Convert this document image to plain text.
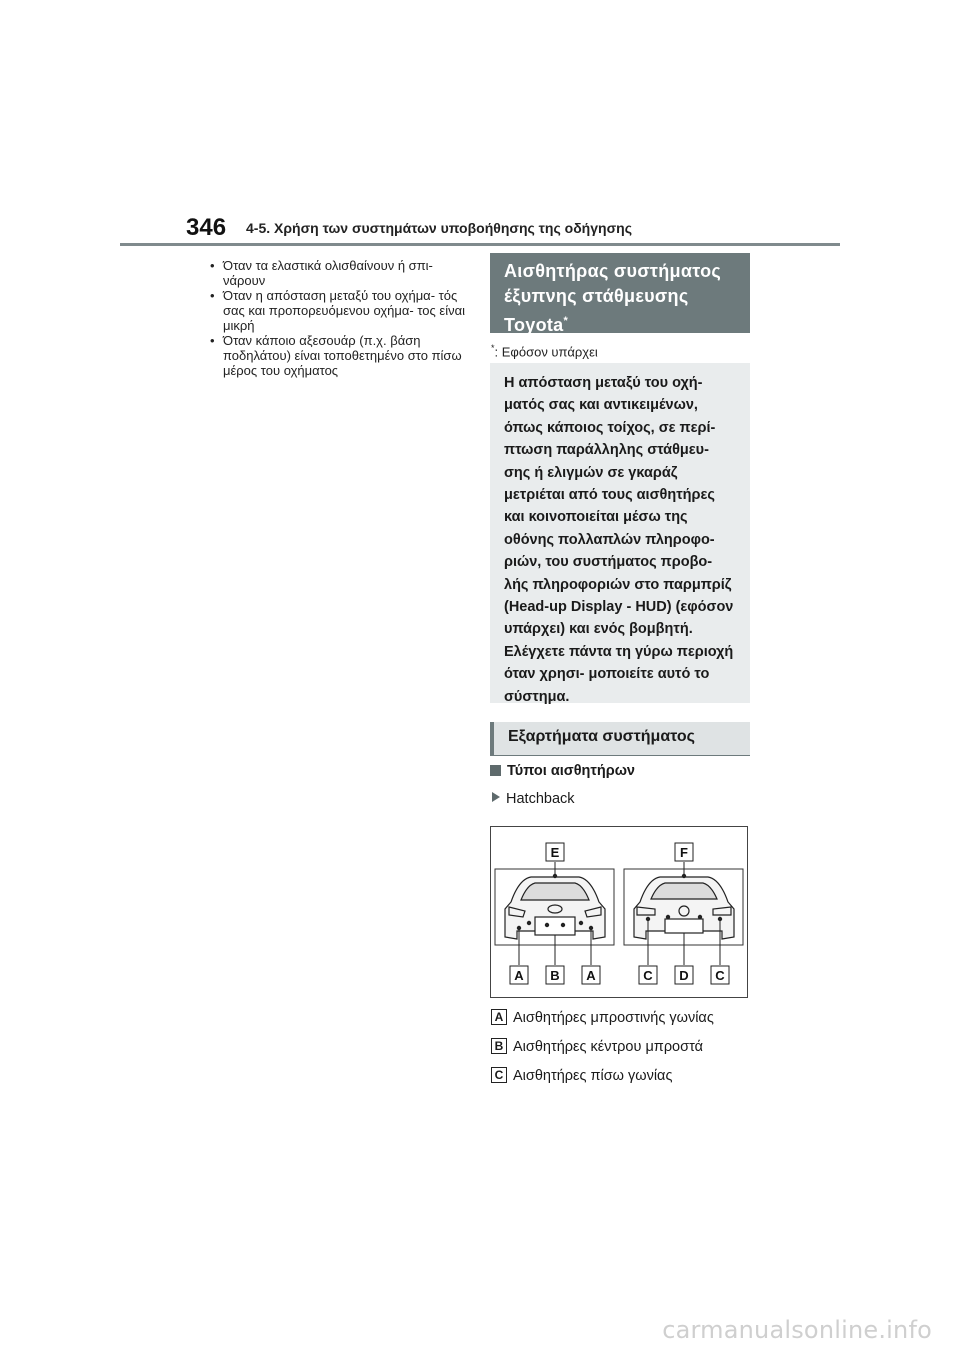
346 4-5. Χρήση των συστημάτων υποβοήθησης της οδήγησης
• Όταν τα ελαστικά ολισθαίνουν ή σπι- νάρουν
• Όταν η απόσταση μεταξύ του οχήμα- τός σας και προπορευόμενου οχήμα- τος είναι μικρή
• Όταν κάποιο αξεσουάρ (π.χ. βάση ποδηλάτου) είναι τοποθετημένο στο πίσω μέρος του οχήματος
Αισθητήρας συστήματος
έξυπνης στάθμευσης
Toyota*
*: Εφόσον υπάρχει
Η απόσταση μεταξύ του οχή- ματός σας και αντικειμένων, όπως κάποιος τοίχος, σε περί- πτωση παράλληλης στάθμευ- σης ή ελιγμών σε γκαράζ μετριέται από τους αισθητήρες και κοινοποιείται μέσω της οθόνης πολλαπλών πληροφο- ριών, του συστήματος προβο- λής πληροφοριών στο παρμπρίζ (Head-up Display - HUD) (εφόσον υπάρχει) και ενός βομβητή. Ελέγχετε πάντα τη γύρω περιοχή όταν χρησι- μοποιείτε αυτό το σύστημα.
Εξαρτήματα συστήματος
Τύποι αισθητήρων
Hatchback
E	F
A B A	C D C
A Αισθητήρες μπροστινής γωνίας
B Αισθητήρες κέντρου μπροστά
C Αισθητήρες πίσω γωνίας
carmanualsonline.info
